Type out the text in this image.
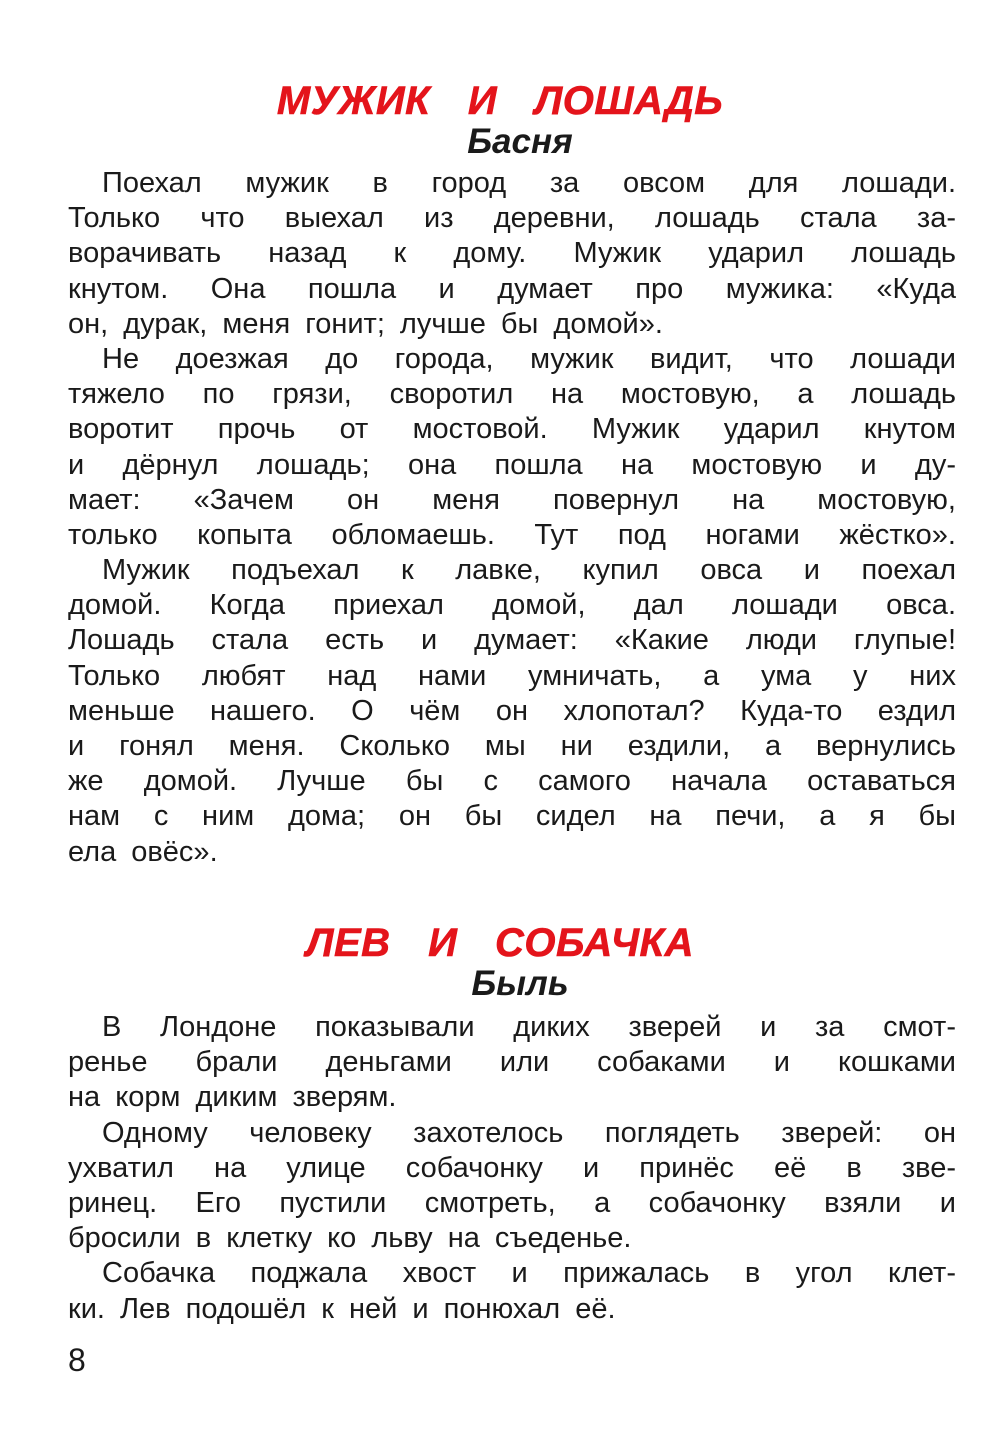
МУЖИК И ЛОШАДЬ
Басня

Поехал мужик в город за овсом для лошади.
Только что выехал из деревни, лошадь стала за-
ворачивать назад к дому. Мужик ударил лошадь
кнутом. Она пошла и думает про мужика: «Куда
он, дурак, меня гонит; лучше бы домой».

Не доезжая до города, мужик видит, что лошади
тяжело по грязи, своротил на мостовую, а лошадь
воротит прочь от мостовой. Мужик ударил кнутом
и дёрнул лошадь; она пошла на мостовую и ду-
мает: «Зачем он меня повернул на мостовую,
только копыта обломаешь. Тут под ногами жёстко».

Мужик подъехал к лавке, купил овса и поехал
домой. Когда приехал домой, дал лошади овса.
Лошадь стала есть и думает: «Какие люди глупые!
Только любят над нами умничать, а ума у них
меньше нашего. О чём он хлопотал? Куда-то ездил
и гонял меня. Сколько мы ни ездили, а вернулись
же домой. Лучше бы с самого начала оставаться
нам с ним дома; он бы сидел на печи, а я бы
ела овёс».

ЛЕВ И СОБАЧКА
Быль

В Лондоне показывали диких зверей и за смот-
ренье брали деньгами или собаками и кошками
на корм диким зверям.

Одному человеку захотелось поглядеть зверей: он
ухватил на улице собачонку и принёс её в зве-
ринец. Его пустили смотреть, а собачонку взяли и
бросили в клетку ко льву на съеденье.

Собачка поджала хвост и прижалась в угол клет-
ки. Лев подошёл к ней и понюхал её.

8
